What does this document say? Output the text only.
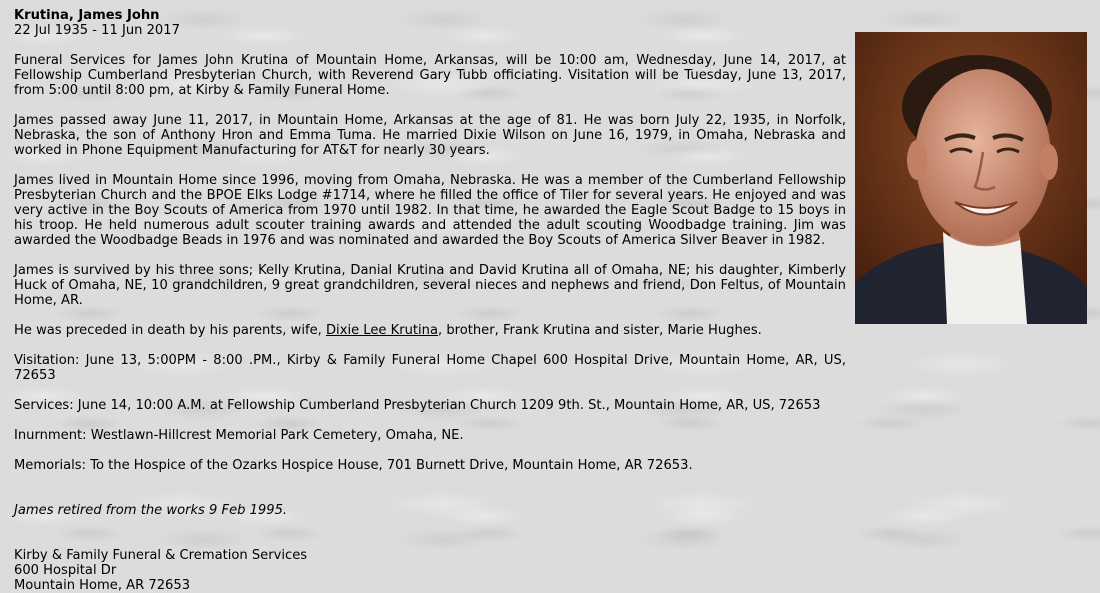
Krutina, James John
22 Jul 1935 - 11 Jun 2017

Funeral Services for James John Krutina of Mountain Home, Arkansas, will be 10:00 am, Wednesday, June 14, 2017, at Fellowship Cumberland Presbyterian Church, with Reverend Gary Tubb officiating. Visitation will be Tuesday, June 13, 2017, from 5:00 until 8:00 pm, at Kirby & Family Funeral Home.

James passed away June 11, 2017, in Mountain Home, Arkansas at the age of 81. He was born July 22, 1935, in Norfolk, Nebraska, the son of Anthony Hron and Emma Tuma. He married Dixie Wilson on June 16, 1979, in Omaha, Nebraska and worked in Phone Equipment Manufacturing for AT&T for nearly 30 years.

James lived in Mountain Home since 1996, moving from Omaha, Nebraska. He was a member of the Cumberland Fellowship Presbyterian Church and the BPOE Elks Lodge #1714, where he filled the office of Tiler for several years. He enjoyed and was very active in the Boy Scouts of America from 1970 until 1982. In that time, he awarded the Eagle Scout Badge to 15 boys in his troop. He held numerous adult scouter training awards and attended the adult scouting Woodbadge training. Jim was awarded the Woodbadge Beads in 1976 and was nominated and awarded the Boy Scouts of America Silver Beaver in 1982.

James is survived by his three sons; Kelly Krutina, Danial Krutina and David Krutina all of Omaha, NE; his daughter, Kimberly Huck of Omaha, NE, 10 grandchildren, 9 great grandchildren, several nieces and nephews and friend, Don Feltus, of Mountain Home, AR.

He was preceded in death by his parents, wife, Dixie Lee Krutina, brother, Frank Krutina and sister, Marie Hughes.

Visitation: June 13, 5:00PM - 8:00 .PM., Kirby & Family Funeral Home Chapel 600 Hospital Drive, Mountain Home, AR, US, 72653

Services: June 14, 10:00 A.M. at Fellowship Cumberland Presbyterian Church 1209 9th. St., Mountain Home, AR, US, 72653

Inurnment: Westlawn-Hillcrest Memorial Park Cemetery, Omaha, NE.

Memorials: To the Hospice of the Ozarks Hospice House, 701 Burnett Drive, Mountain Home, AR 72653.

James retired from the works 9 Feb 1995.
Kirby & Family Funeral & Cremation Services
600 Hospital Dr
Mountain Home, AR 72653
